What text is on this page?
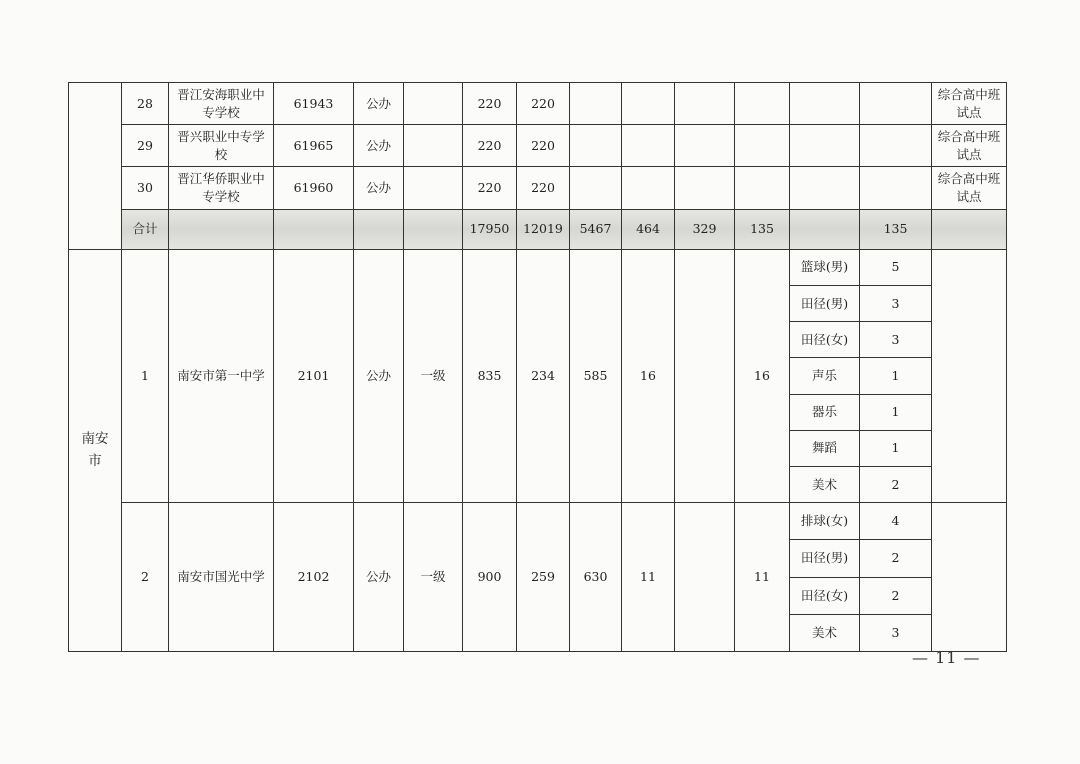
	28	晋江安海职业中专学校	61943	公办		220	220							综合高中班试点
	29	晋兴职业中专学校	61965	公办		220	220							综合高中班试点
	30	晋江华侨职业中专学校	61960	公办		220	220							综合高中班试点
	合计					17950	12019	5467	464	329	135		135	
南安市	1	南安市第一中学	2101	公办	一级	835	234	585	16		16	篮球(男)	5	
												田径(男)	3	
												田径(女)	3	
												声乐	1	
												器乐	1	
												舞蹈	1	
												美术	2	
	2	南安市国光中学	2102	公办	一级	900	259	630	11		11	排球(女)	4	
												田径(男)	2	
												田径(女)	2	
												美术	3	
— 11 —
